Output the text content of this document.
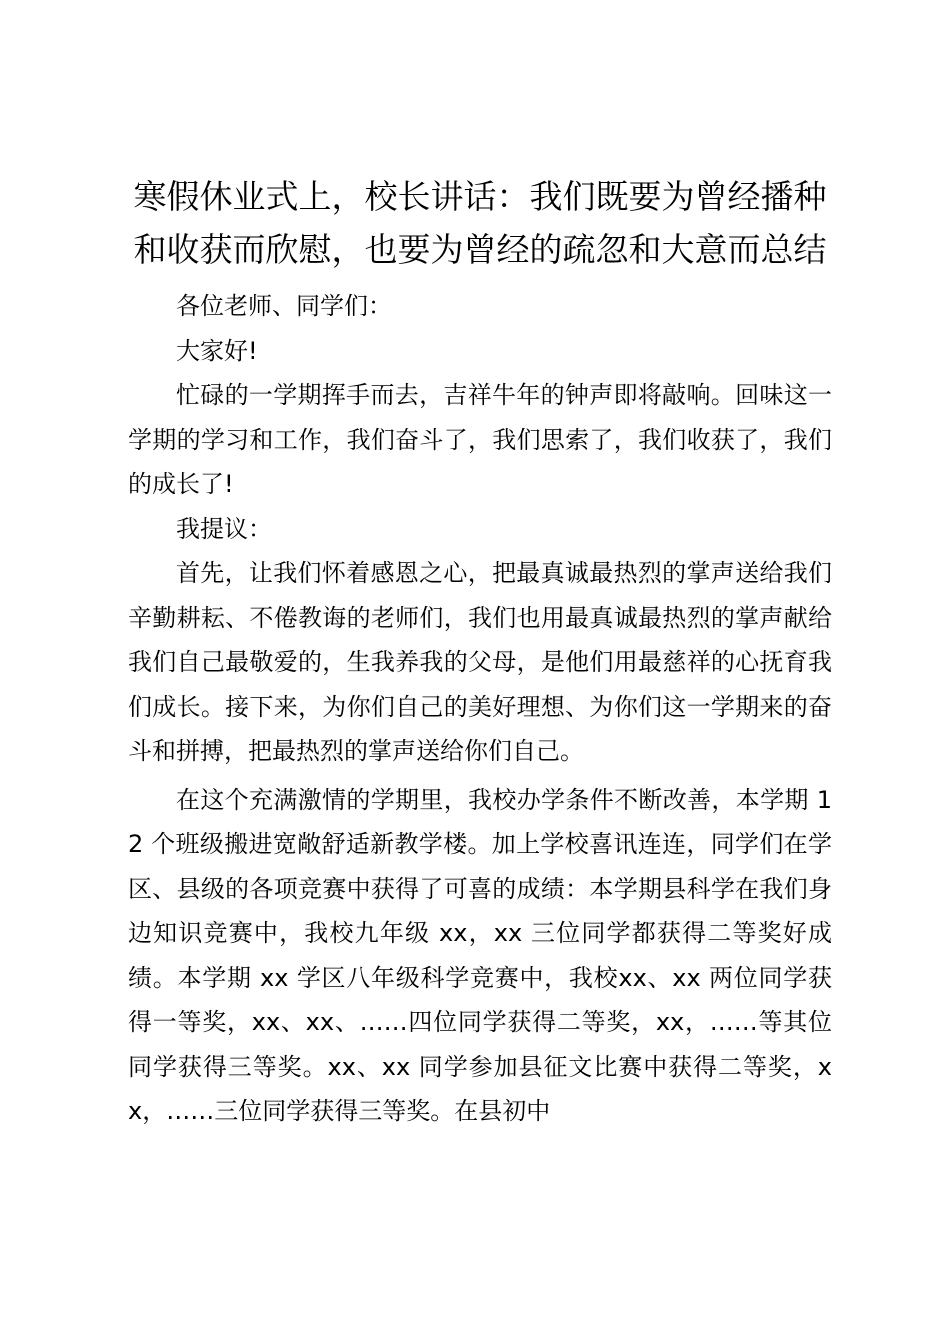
寒假休业式上，校长讲话：我们既要为曾经播种和收获而欣慰，也要为曾经的疏忽和大意而总结

各位老师、同学们：

大家好!

忙碌的一学期挥手而去，吉祥牛年的钟声即将敲响。回味这一学期的学习和工作，我们奋斗了，我们思索了，我们收获了，我们的成长了!

我提议：

首先，让我们怀着感恩之心，把最真诚最热烈的掌声送给我们辛勤耕耘、不倦教诲的老师们，我们也用最真诚最热烈的掌声献给我们自己最敬爱的，生我养我的父母，是他们用最慈祥的心抚育我们成长。接下来，为你们自己的美好理想、为你们这一学期来的奋斗和拼搏，把最热烈的掌声送给你们自己。

在这个充满激情的学期里，我校办学条件不断改善，本学期 12 个班级搬进宽敞舒适新教学楼。加上学校喜讯连连，同学们在学区、县级的各项竞赛中获得了可喜的成绩：本学期县科学在我们身边知识竞赛中，我校九年级 xx，xx 三位同学都获得二等奖好成绩。本学期 xx 学区八年级科学竞赛中，我校xx、xx 两位同学获得一等奖，xx、xx、……四位同学获得二等奖，xx，……等其位同学获得三等奖。xx、xx 同学参加县征文比赛中获得二等奖，xx，……三位同学获得三等奖。在县初中
